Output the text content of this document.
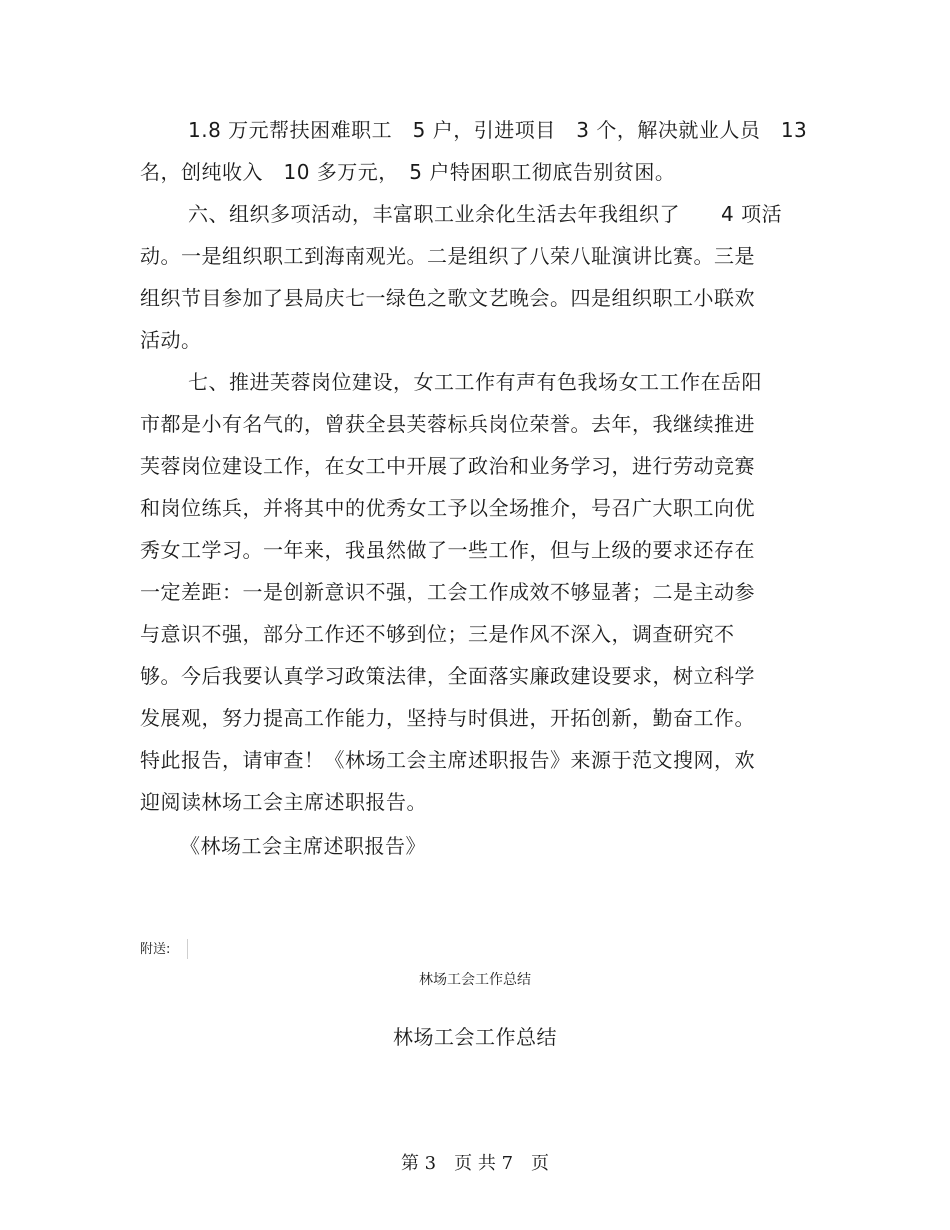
1.8 万元帮扶困难职工　5 户，引进项目　3 个，解决就业人员　13
名，创纯收入　10 多万元，　5 户特困职工彻底告别贫困。
六、组织多项活动，丰富职工业余化生活去年我组织了　　4 项活
动。一是组织职工到海南观光。二是组织了八荣八耻演讲比赛。三是
组织节目参加了县局庆七一绿色之歌文艺晚会。四是组织职工小联欢
活动。
七、推进芙蓉岗位建设，女工工作有声有色我场女工工作在岳阳
市都是小有名气的，曾获全县芙蓉标兵岗位荣誉。去年，我继续推进
芙蓉岗位建设工作，在女工中开展了政治和业务学习，进行劳动竞赛
和岗位练兵，并将其中的优秀女工予以全场推介，号召广大职工向优
秀女工学习。一年来，我虽然做了一些工作，但与上级的要求还存在
一定差距：一是创新意识不强，工会工作成效不够显著；二是主动参
与意识不强，部分工作还不够到位；三是作风不深入，调查研究不
够。今后我要认真学习政策法律，全面落实廉政建设要求，树立科学
发展观，努力提高工作能力，坚持与时俱进，开拓创新，勤奋工作。
特此报告，请审查！《林场工会主席述职报告》来源于范文搜网，欢
迎阅读林场工会主席述职报告。
《林场工会主席述职报告》
附送:
林场工会工作总结
林场工会工作总结
第 3　页 共 7　页
